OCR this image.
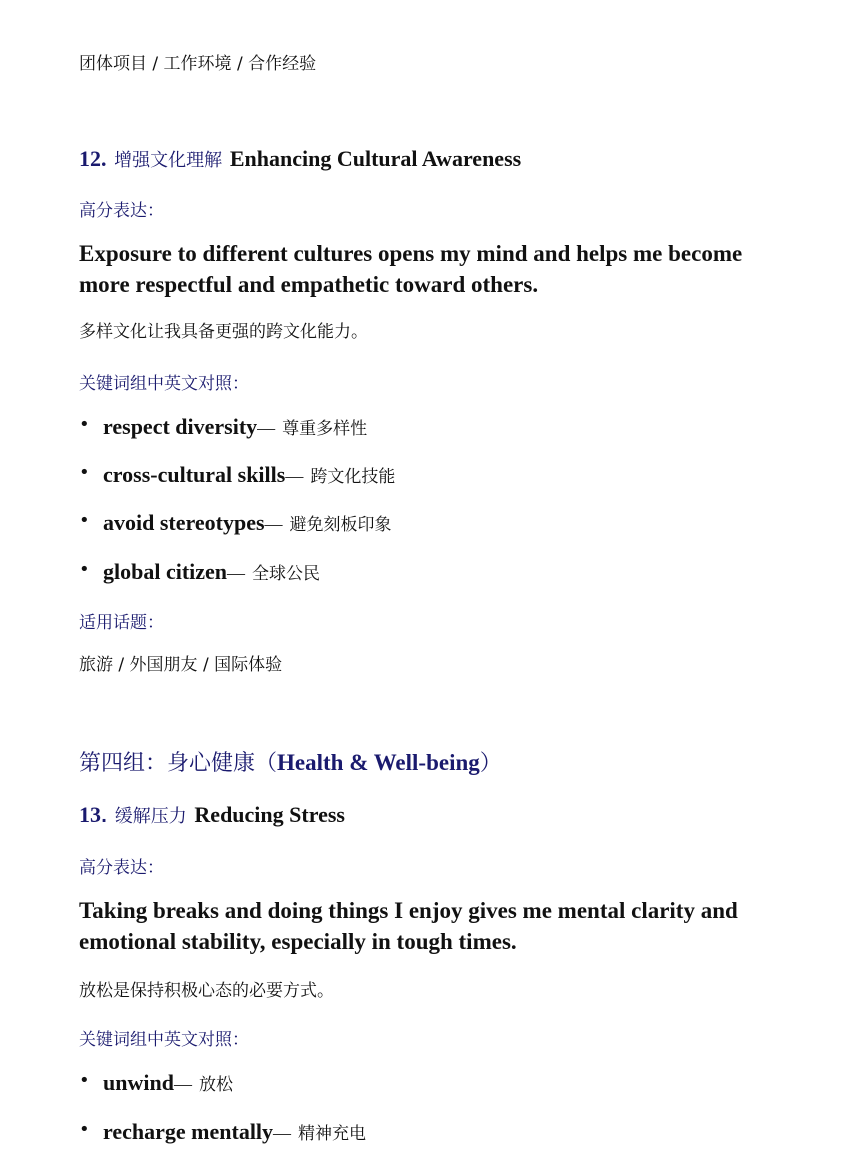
团体项目 / 工作环境 / 合作经验
12. 增强文化理解 Enhancing Cultural Awareness
高分表达：
Exposure to different cultures opens my mind and helps me become more respectful and empathetic toward others.
多样文化让我具备更强的跨文化能力。
关键词组中英文对照：
• respect diversity— 尊重多样性
• cross-cultural skills— 跨文化技能
• avoid stereotypes— 避免刻板印象
• global citizen— 全球公民
适用话题：
旅游 / 外国朋友 / 国际体验
第四组：身心健康（Health & Well-being）
13. 缓解压力 Reducing Stress
高分表达：
Taking breaks and doing things I enjoy gives me mental clarity and emotional stability, especially in tough times.
放松是保持积极心态的必要方式。
关键词组中英文对照：
• unwind— 放松
• recharge mentally— 精神充电
